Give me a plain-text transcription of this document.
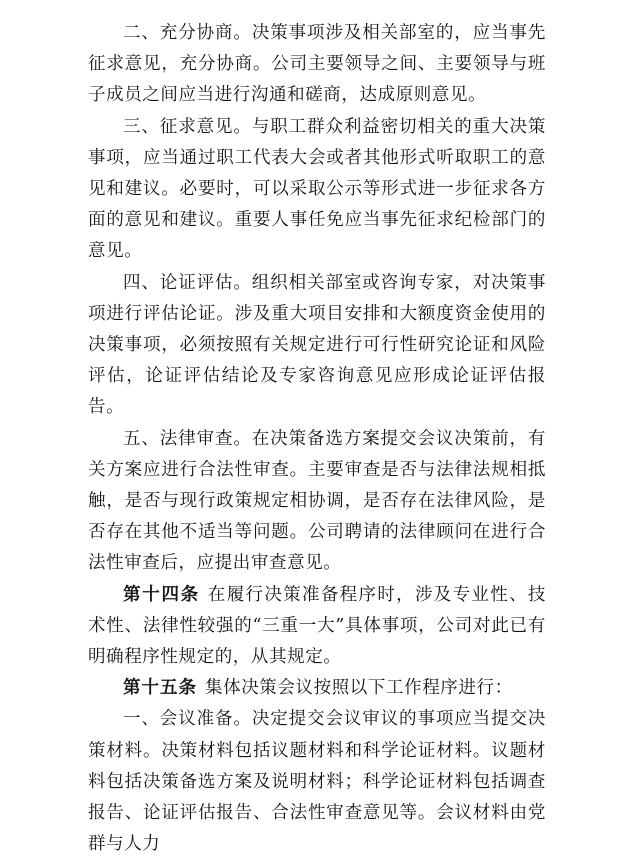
二、充分协商。决策事项涉及相关部室的，应当事先征求意见，充分协商。公司主要领导之间、主要领导与班子成员之间应当进行沟通和磋商，达成原则意见。

三、征求意见。与职工群众利益密切相关的重大决策事项，应当通过职工代表大会或者其他形式听取职工的意见和建议。必要时，可以采取公示等形式进一步征求各方面的意见和建议。重要人事任免应当事先征求纪检部门的意见。

四、论证评估。组织相关部室或咨询专家，对决策事项进行评估论证。涉及重大项目安排和大额度资金使用的决策事项，必须按照有关规定进行可行性研究论证和风险评估，论证评估结论及专家咨询意见应形成论证评估报告。

五、法律审查。在决策备选方案提交会议决策前，有关方案应进行合法性审查。主要审查是否与法律法规相抵触，是否与现行政策规定相协调，是否存在法律风险，是否存在其他不适当等问题。公司聘请的法律顾问在进行合法性审查后，应提出审查意见。

第十四条 在履行决策准备程序时，涉及专业性、技术性、法律性较强的“三重一大”具体事项，公司对此已有明确程序性规定的，从其规定。

第十五条 集体决策会议按照以下工作程序进行：

一、会议准备。决定提交会议审议的事项应当提交决策材料。决策材料包括议题材料和科学论证材料。议题材料包括决策备选方案及说明材料；科学论证材料包括调查报告、论证评估报告、合法性审查意见等。会议材料由党群与人力
